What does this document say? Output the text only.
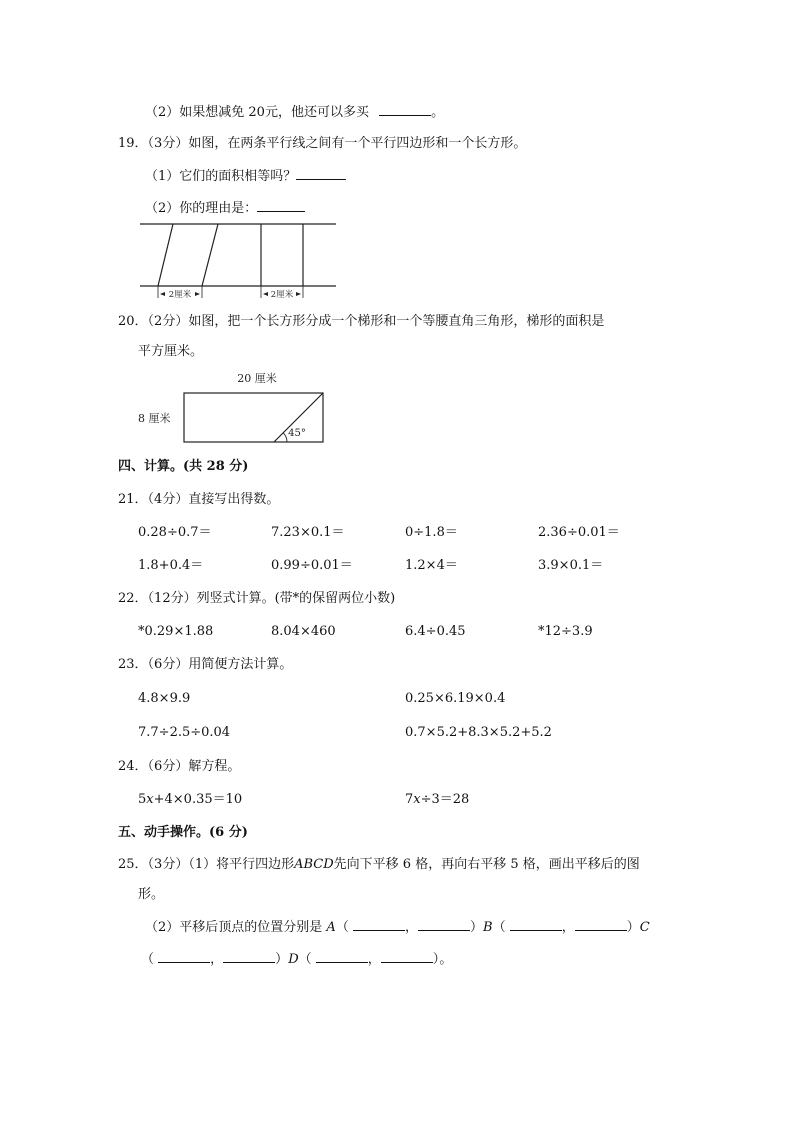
（2）如果想减免 20元，他还可以多买	。
19．（3分）如图，在两条平行线之间有一个平行四边形和一个长方形。
（1）它们的面积相等吗？
（2）你的理由是：
2厘米	2厘米
20．（2分）如图，把一个长方形分成一个梯形和一个等腰直角三角形，梯形的面积是
平方厘米。
20 厘米
8 厘米
45°
四、计算。(共 28 分)
21．（4分）直接写出得数。
0.28÷0.7＝	7.23×0.1＝	0÷1.8＝	2.36÷0.01＝
1.8+0.4＝	0.99÷0.01＝	1.2×4＝	3.9×0.1＝
22．（12分）列竖式计算。(带*的保留两位小数)
*0.29×1.88	8.04×460	6.4÷0.45	*12÷3.9
23．（6分）用简便方法计算。
4.8×9.9	0.25×6.19×0.4
7.7÷2.5÷0.04	0.7×5.2+8.3×5.2+5.2
24．（6分）解方程。
5x+4×0.35＝10	7x÷3＝28
五、动手操作。(6 分)
25．（3分）（1）将平行四边形ABCD先向下平移 6 格，再向右平移 5 格，画出平移后的图
形。
（2）平移后顶点的位置分别是 A（	，	）B（	，	）C
（	，	）D（	，	）。
